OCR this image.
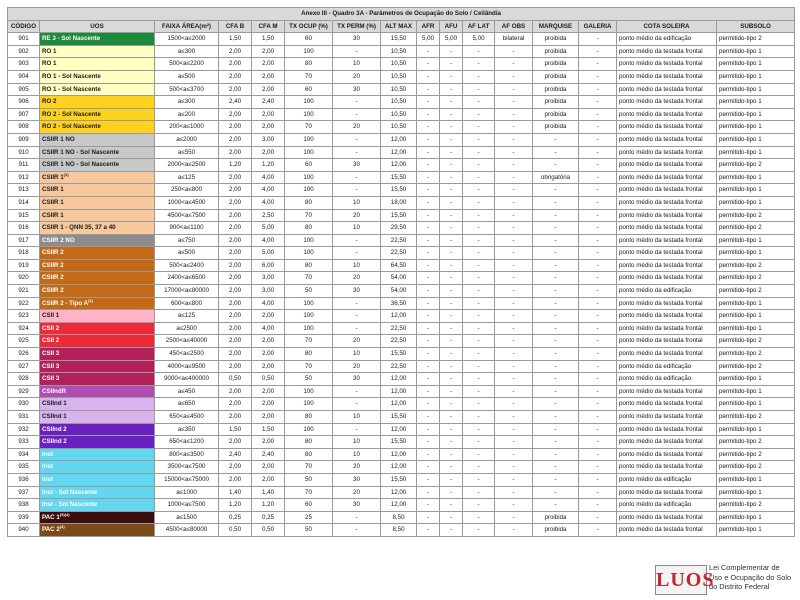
Anexo III - Quadro 3A - Parâmetros de Ocupação do Solo / Ceilândia															
CÓDIGO	UOS	FAIXA ÁREA(m²)	CFA B	CFA M	TX OCUP (%)	TX PERM (%)	ALT MAX	AFR	AFU	AF LAT	AF OBS	MARQUISE	GALERIA	COTA SOLEIRA	SUBSOLO
901	RE 3 - Sol Nascente	1500<a≤2000	1,50	1,50	60	30	15,50	5,00	5,00	5,00	bilateral	proibida	-	ponto médio da edificação	permitido-tipo 2
902	RO 1	a≤300	2,00	2,00	100	-	10,50	-	-	-	-	proibida	-	ponto médio da testada frontal	permitido-tipo 1
903	RO 1	500<a≤2200	2,00	2,00	80	10	10,50	-	-	-	-	proibida	-	ponto médio da testada frontal	permitido-tipo 1
904	RO 1 - Sol Nascente	a≤500	2,00	2,00	70	20	10,50	-	-	-	-	proibida	-	ponto médio da testada frontal	permitido-tipo 1
905	RO 1 - Sol Nascente	500<a≤3700	2,00	2,00	60	30	10,50	-	-	-	-	proibida	-	ponto médio da testada frontal	permitido-tipo 1
906	RO 2	a≤300	2,40	2,40	100	-	10,50	-	-	-	-	proibida	-	ponto médio da testada frontal	permitido-tipo 1
907	RO 2 - Sol Nascente	a≤200	2,00	2,00	100	-	10,50	-	-	-	-	proibida	-	ponto médio da testada frontal	permitido-tipo 1
908	RO 2 - Sol Nascente	200<a≤1000	2,00	2,00	70	20	10,50	-	-	-	-	proibida	-	ponto médio da testada frontal	permitido-tipo 1
909	CSIIR 1 NO	a≤2000	2,00	3,00	100	-	12,00	-	-	-	-	-	-	ponto médio da testada frontal	permitido-tipo 1
910	CSIIR 1 NO - Sol Nascente	a≤550	2,00	2,00	100	-	12,00	-	-	-	-	-	-	ponto médio da testada frontal	permitido-tipo 1
911	CSIIR 1 NO - Sol Nascente	2000<a≤2500	1,20	1,20	60	30	12,00	-	-	-	-	-	-	ponto médio da testada frontal	permitido-tipo 2
912	CSIIR 1$^{(1)}$	a≤125	2,00	4,00	100	-	15,50	-	-	-	-	obrigatória	-	ponto médio da testada frontal	permitido-tipo 1
913	CSIIR 1	250<a≤800	2,00	4,00	100	-	15,50	-	-	-	-	-	-	ponto médio da testada frontal	permitido-tipo 1
914	CSIIR 1	1000<a≤4500	2,00	4,00	80	10	18,00	-	-	-	-	-	-	ponto médio da testada frontal	permitido-tipo 1
915	CSIIR 1	4500<a≤7500	2,00	2,50	70	20	15,50	-	-	-	-	-	-	ponto médio da testada frontal	permitido-tipo 2
916	CSIIR 1 - QNN 35, 37 a 40	900<a≤1100	2,00	5,00	80	10	29,50	-	-	-	-	-	-	ponto médio da testada frontal	permitido-tipo 2
917	CSIIR 2 NO	a≤750	2,00	4,00	100	-	22,50	-	-	-	-	-	-	ponto médio da testada frontal	permitido-tipo 1
918	CSIIR 2	a≤500	2,00	5,00	100	-	22,50	-	-	-	-	-	-	ponto médio da testada frontal	permitido-tipo 1
919	CSIIR 2	500<a≤2400	2,00	6,00	80	10	64,50	-	-	-	-	-	-	ponto médio da testada frontal	permitido-tipo 2
920	CSIIR 2	2400<a≤6500	2,00	3,00	70	20	54,00	-	-	-	-	-	-	ponto médio da testada frontal	permitido-tipo 2
921	CSIIR 2	17000<a≤80000	2,00	3,00	50	30	54,00	-	-	-	-	-	-	ponto médio da edificação	permitido-tipo 2
922	CSIIR 2 - Tipo $A^{(1)}$	600<a≤800	2,00	4,00	100	-	36,50	-	-	-	-	-	-	ponto médio da testada frontal	permitido-tipo 1
923	CSII 1	a≤125	2,00	2,00	100	-	12,00	-	-	-	-	-	-	ponto médio da testada frontal	permitido-tipo 1
924	CSII 2	a≤2500	2,00	4,00	100	-	22,50	-	-	-	-	-	-	ponto médio da testada frontal	permitido-tipo 1
925	CSII 2	2500<a≤40000	2,00	2,00	70	20	22,50	-	-	-	-	-	-	ponto médio da testada frontal	permitido-tipo 2
926	CSII 3	450<a≤2500	2,00	2,00	80	10	15,50	-	-	-	-	-	-	ponto médio da testada frontal	permitido-tipo 2
927	CSII 3	4000<a≤9500	2,00	2,00	70	20	22,50	-	-	-	-	-	-	ponto médio da edificação	permitido-tipo 2
928	CSII 3	9000<a≤400000	0,50	0,50	50	30	12,00	-	-	-	-	-	-	ponto médio da edificação	permitido-tipo 1
929	CSIIndR	a≤450	2,00	2,00	100	-	12,00	-	-	-	-	-	-	ponto médio da testada frontal	permitido-tipo 1
930	CSIInd 1	a≤650	2,00	2,00	100	-	12,00	-	-	-	-	-	-	ponto médio da testada frontal	permitido-tipo 1
931	CSIInd 1	650<a≤4500	2,00	2,00	80	10	15,50	-	-	-	-	-	-	ponto médio da testada frontal	permitido-tipo 2
932	CSIInd 2	a≤350	1,50	1,50	100	-	12,00	-	-	-	-	-	-	ponto médio da testada frontal	permitido-tipo 1
933	CSIInd 2	650<a≤1200	2,00	2,00	80	10	15,50	-	-	-	-	-	-	ponto médio da testada frontal	permitido-tipo 2
934	Inst	800<a≤3500	2,40	2,40	80	10	12,00	-	-	-	-	-	-	ponto médio da testada frontal	permitido-tipo 2
935	Inst	3500<a≤7500	2,00	2,00	70	20	12,00	-	-	-	-	-	-	ponto médio da testada frontal	permitido-tipo 2
936	Inst	15000<a≤75000	2,00	2,00	50	30	15,50	-	-	-	-	-	-	ponto médio da edificação	permitido-tipo 1
937	Inst - Sol Nascente	a≤1000	1,40	1,40	70	20	12,00	-	-	-	-	-	-	ponto médio da testada frontal	permitido-tipo 1
938	Inst - Sol Nascente	1000<a≤7500	1,20	1,20	60	30	12,00	-	-	-	-	-	-	ponto médio da edificação	permitido-tipo 2
939	PAC $1^{(5)(4)}$	a≤1500	0,25	0,25	25	-	8,50	-	-	-	-	proibida	-	ponto médio da testada frontal	permitido-tipo 1
940	PAC 2$^{(4)}$	4500<a≤80000	0,50	0,50	50	-	8,50	-	-	-	-	proibida	-	ponto médio da testada frontal	permitido-tipo 1
LUOS
Lei Complementar de
Uso e Ocupação do Solo
do Distrito Federal
